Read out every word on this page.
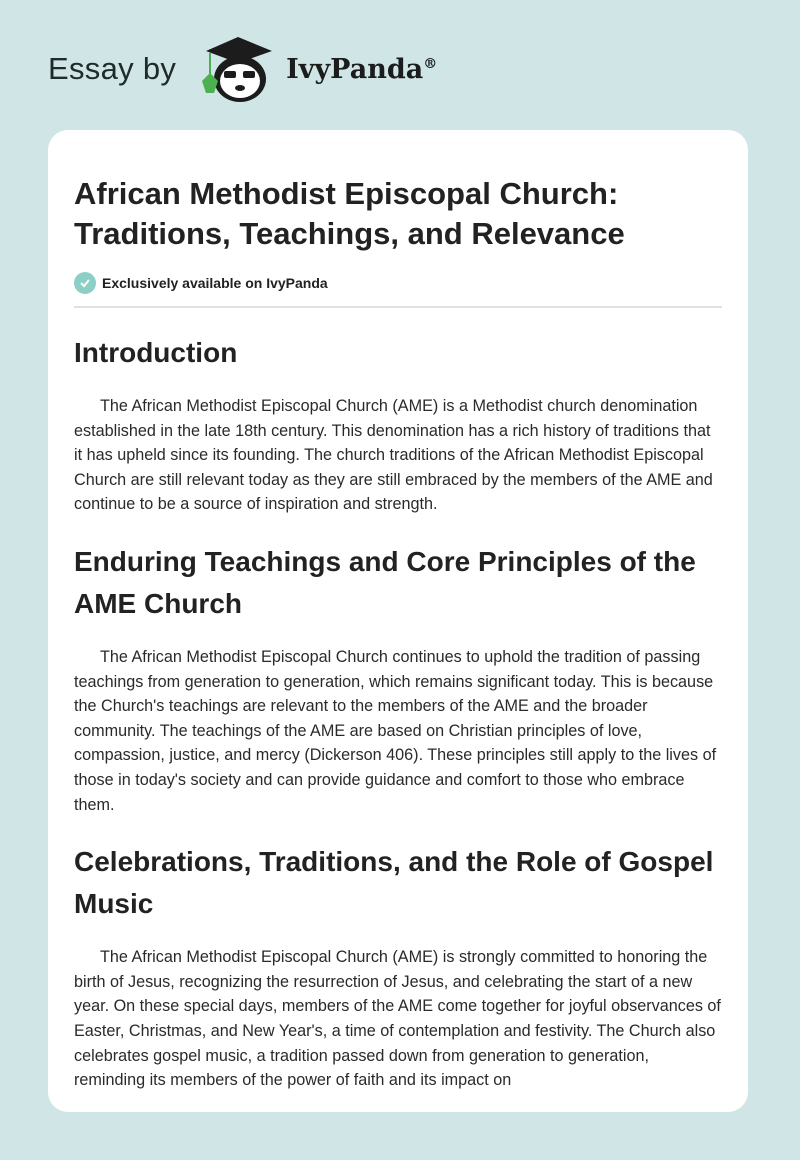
Essay by	IvyPanda®
African Methodist Episcopal Church: Traditions, Teachings, and Relevance
Exclusively available on IvyPanda
Introduction

The African Methodist Episcopal Church (AME) is a Methodist church denomination established in the late 18th century. This denomination has a rich history of traditions that it has upheld since its founding. The church traditions of the African Methodist Episcopal Church are still relevant today as they are still embraced by the members of the AME and continue to be a source of inspiration and strength.

Enduring Teachings and Core Principles of the AME Church

The African Methodist Episcopal Church continues to uphold the tradition of passing teachings from generation to generation, which remains significant today. This is because the Church's teachings are relevant to the members of the AME and the broader community. The teachings of the AME are based on Christian principles of love, compassion, justice, and mercy (Dickerson 406). These principles still apply to the lives of those in today's society and can provide guidance and comfort to those who embrace them.

Celebrations, Traditions, and the Role of Gospel Music

The African Methodist Episcopal Church (AME) is strongly committed to honoring the birth of Jesus, recognizing the resurrection of Jesus, and celebrating the start of a new year. On these special days, members of the AME come together for joyful observances of Easter, Christmas, and New Year's, a time of contemplation and festivity. The Church also celebrates gospel music, a tradition passed down from generation to generation, reminding its members of the power of faith and its impact on
